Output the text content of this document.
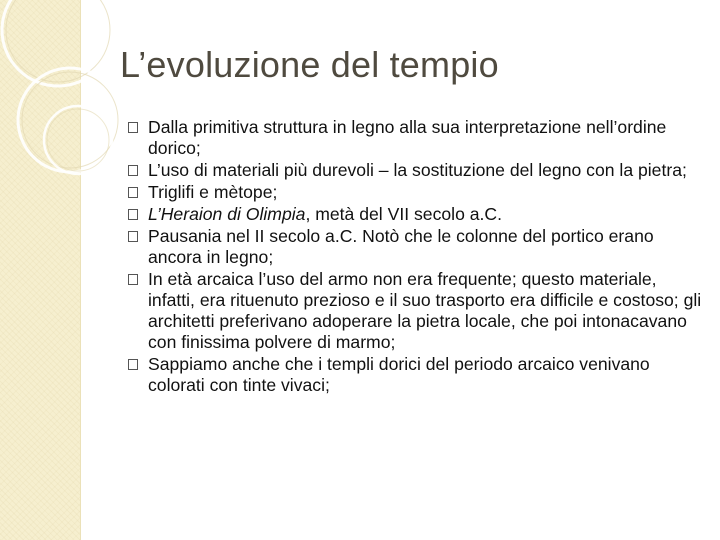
L’evoluzione del tempio
Dalla primitiva struttura in legno alla sua interpretazione nell’ordine dorico;
L’uso di materiali più durevoli – la sostituzione del legno con la pietra;
Triglifi e mètope;
L’Heraion di Olimpia, metà del VII secolo a.C.
Pausania nel II secolo a.C. Notò che le colonne del portico erano ancora in legno;
In età arcaica l’uso del armo non era frequente; questo materiale, infatti, era rituenuto prezioso e il suo trasporto era difficile e costoso; gli architetti preferivano adoperare la pietra locale, che poi intonacavano con finissima polvere di marmo;
Sappiamo anche che i templi dorici del periodo arcaico venivano colorati con tinte vivaci;
